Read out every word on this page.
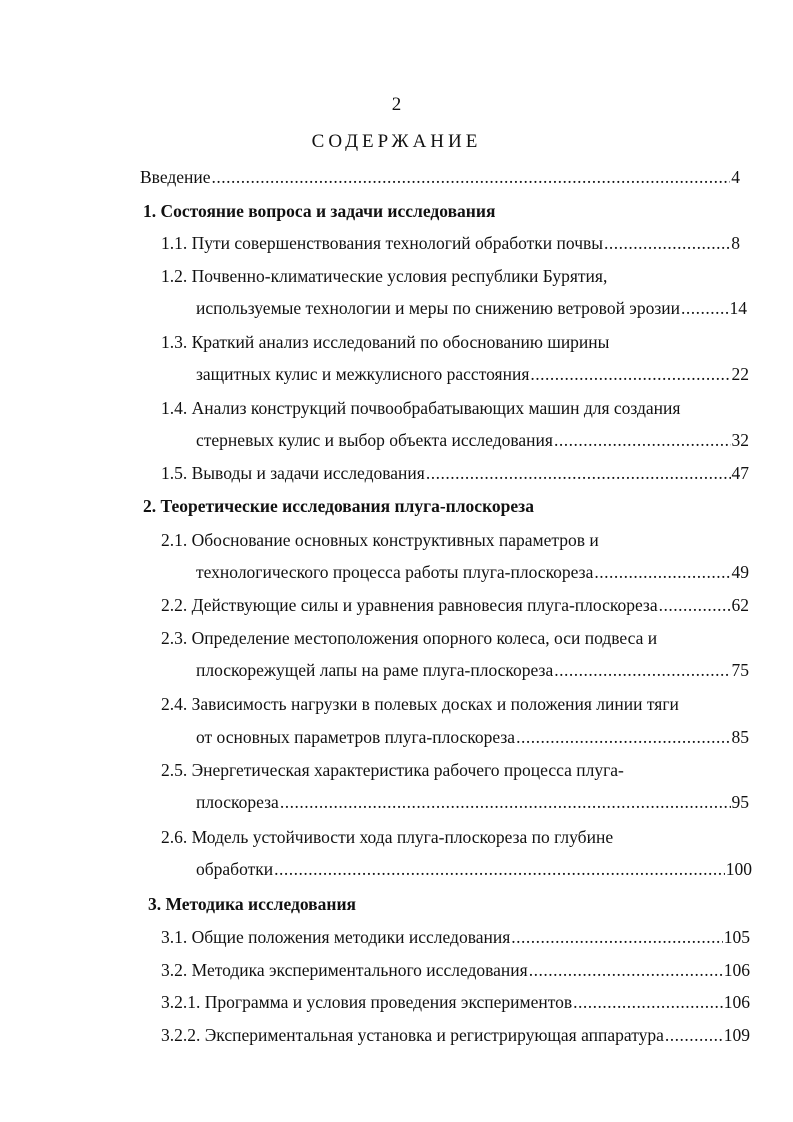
2
СОДЕРЖАНИЕ
Введение .....	4
1. Состояние вопроса и задачи исследования
1.1. Пути совершенствования технологий обработки почвы .....	8
1.2. Почвенно-климатические условия республики Бурятия,
используемые технологии и меры по снижению ветровой эрозии .....	14
1.3. Краткий анализ исследований по обоснованию ширины
защитных кулис и межкулисного расстояния .....	22
1.4. Анализ конструкций почвообрабатывающих машин для создания
стерневых кулис и выбор объекта исследования .....	32
1.5. Выводы и задачи исследования .....	47
2. Теоретические исследования плуга-плоскореза
2.1. Обоснование основных конструктивных параметров и
технологического процесса работы плуга-плоскореза .....	49
2.2. Действующие силы и уравнения равновесия плуга-плоскореза .....	62
2.3. Определение местоположения опорного колеса, оси подвеса и
плоскорежущей лапы на раме плуга-плоскореза .....	75
2.4. Зависимость нагрузки в полевых досках и положения линии тяги
от основных параметров плуга-плоскореза .....	85
2.5. Энергетическая характеристика рабочего процесса плуга-
плоскореза .....	95
2.6. Модель устойчивости хода плуга-плоскореза по глубине
обработки .....	100
3. Методика исследования
3.1. Общие положения методики исследования .....	105
3.2. Методика экспериментального исследования .....	106
3.2.1. Программа и условия проведения экспериментов .....	106
3.2.2. Экспериментальная установка и регистрирующая аппаратура .....	109
